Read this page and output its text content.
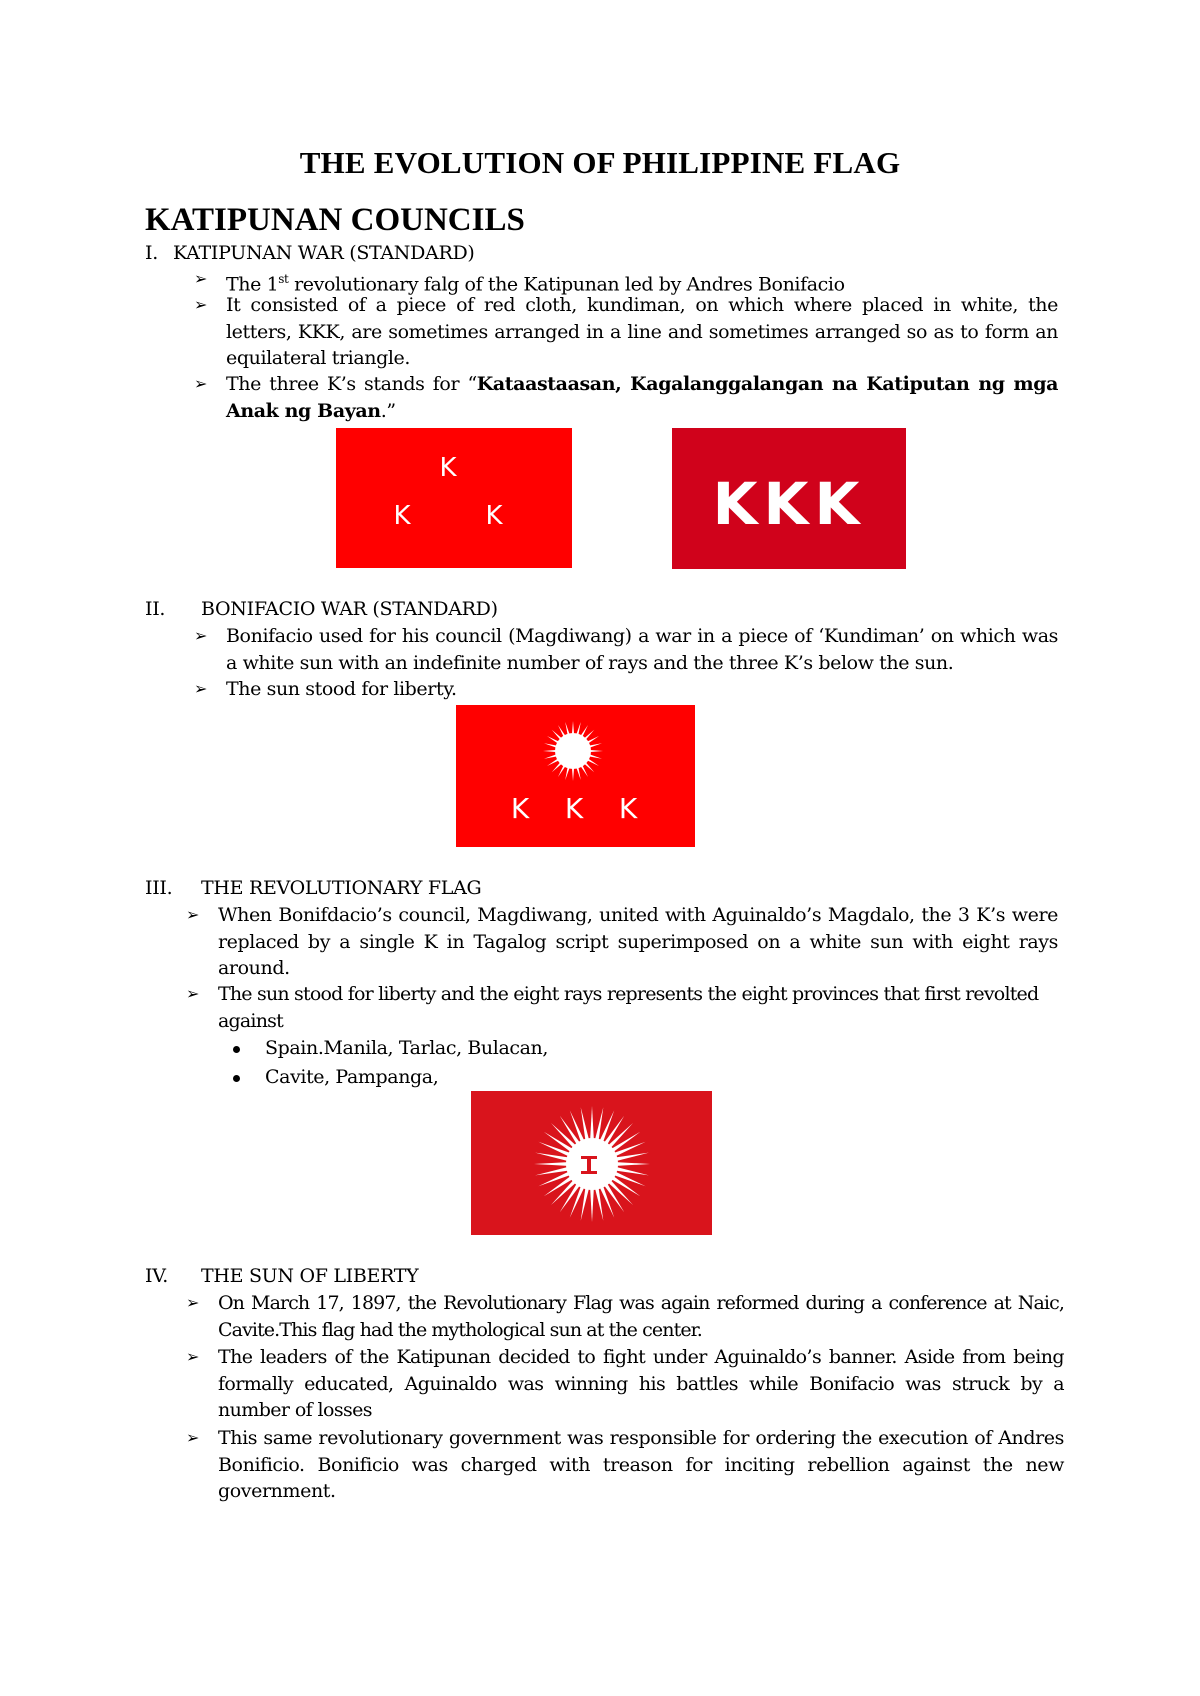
THE EVOLUTION OF PHILIPPINE FLAG
KATIPUNAN COUNCILS
I. KATIPUNAN WAR (STANDARD)
➢ The 1st revolutionary falg of the Katipunan led by Andres Bonifacio
➢ It consisted of a piece of red cloth, kundiman, on which where placed in white, the letters, KKK, are sometimes arranged in a line and sometimes arranged so as to form an equilateral triangle.
➢ The three K’s stands for “Kataastaasan, Kagalanggalangan na Katiputan ng mga Anak ng Bayan.”
K
K	K	KKK
II. BONIFACIO WAR (STANDARD)
➢ Bonifacio used for his council (Magdiwang) a war in a piece of ‘Kundiman’ on which was a white sun with an indefinite number of rays and the three K’s below the sun.
➢ The sun stood for liberty.
K K K
III. THE REVOLUTIONARY FLAG
➢ When Bonifdacio’s council, Magdiwang, united with Aguinaldo’s Magdalo, the 3 K’s were replaced by a single K in Tagalog script superimposed on a white sun with eight rays around.
➢ The sun stood for liberty and the eight rays represents the eight provinces that first revolted against
Spain.Manila, Tarlac, Bulacan,
Cavite, Pampanga,
IV. THE SUN OF LIBERTY
➢ On March 17, 1897, the Revolutionary Flag was again reformed during a conference at Naic, Cavite.This flag had the mythological sun at the center.
➢ The leaders of the Katipunan decided to fight under Aguinaldo’s banner. Aside from being formally educated, Aguinaldo was winning his battles while Bonifacio was struck by a number of losses
➢ This same revolutionary government was responsible for ordering the execution of Andres Bonificio. Bonificio was charged with treason for inciting rebellion against the new government.
